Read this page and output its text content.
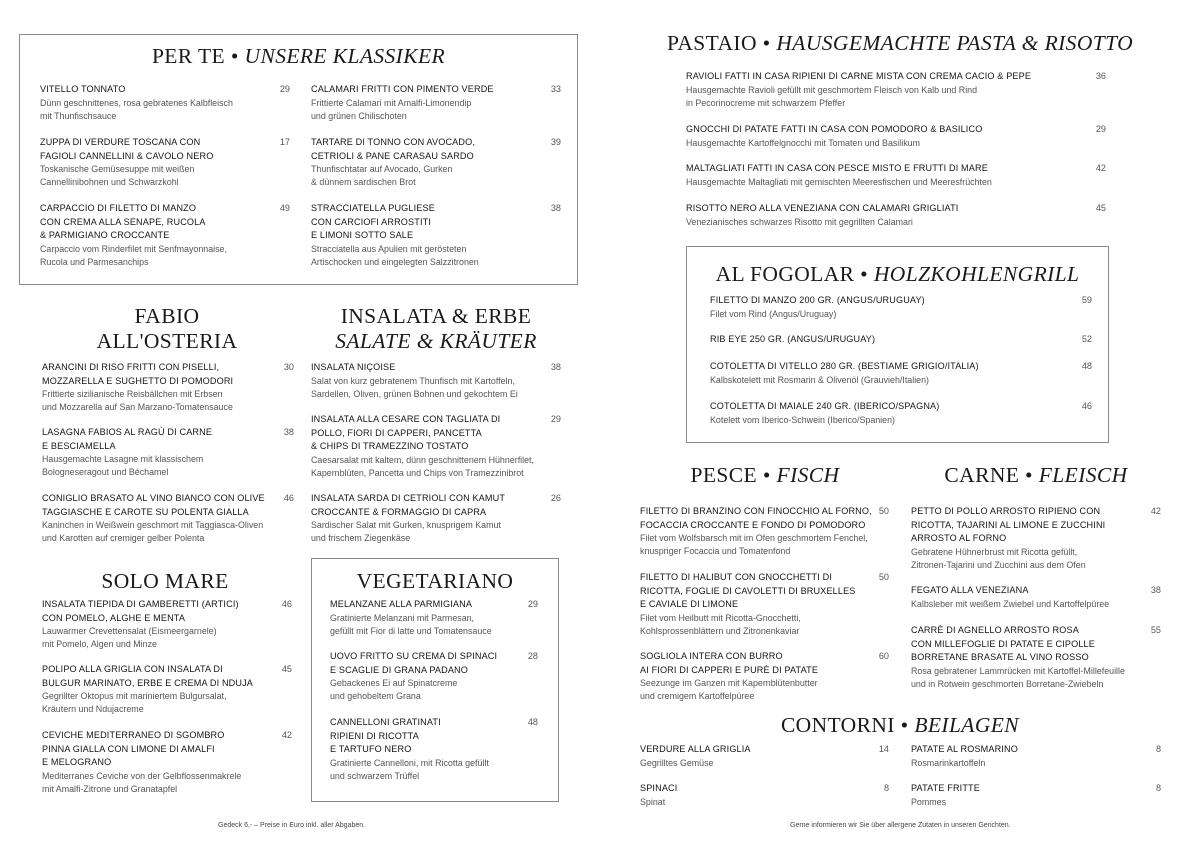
PER TE • UNSERE KLASSIKER
VITELLO TONNATO
Dünn geschnittenes, rosa gebratenes Kalbfleisch
mit Thunfischsauce
29
ZUPPA DI VERDURE TOSCANA CON
FAGIOLI CANNELLINI & CAVOLO NERO
Toskanische Gemüsesuppe mit weißen
Cannellinibohnen und Schwarzkohl
17
CARPACCIO DI FILETTO DI MANZO
CON CREMA ALLA SENAPE, RUCOLA
& PARMIGIANO CROCCANTE
Carpaccio vom Rinderfilet mit Senfmayonnaise,
Rucola und Parmesanchips
49
CALAMARI FRITTI CON PIMENTO VERDE
Frittierte Calamari mit Amalfi-Limonendip
und grünen Chilischoten
33
TARTARE DI TONNO CON AVOCADO,
CETRIOLI & PANE CARASAU SARDO
Thunfischtatar auf Avocado, Gurken
& dünnem sardischen Brot
39
STRACCIATELLA PUGLIESE
CON CARCIOFI ARROSTITI
E LIMONI SOTTO SALE
Stracciatella aus Apulien mit gerösteten
Artischocken und eingelegten Salzzitronen
38
FABIO
ALL'OSTERIA
ARANCINI DI RISO FRITTI CON PISELLI,
MOZZARELLA E SUGHETTO DI POMODORI
Frittierte sizilianische Reisbällchen mit Erbsen
und Mozzarella auf San Marzano-Tomatensauce
30
LASAGNA FABIOS AL RAGÙ DI CARNE
E BESCIAMELLA
Hausgemachte Lasagne mit klassischem
Bologneseragout und Béchamel
38
CONIGLIO BRASATO AL VINO BIANCO CON OLIVE
TAGGIASCHE E CAROTE SU POLENTA GIALLA
Kaninchen in Weißwein geschmort mit Taggiasca-Oliven
und Karotten auf cremiger gelber Polenta
46
INSALATA & ERBE
SALATE & KRÄUTER
INSALATA NIÇOISE
Salat von kurz gebratenem Thunfisch mit Kartoffeln,
Sardellen, Oliven, grünen Bohnen und gekochtem Ei
38
INSALATA ALLA CESARE CON TAGLIATA DI
POLLO, FIORI DI CAPPERI, PANCETTA
& CHIPS DI TRAMEZZINO TOSTATO
Caesarsalat mit kaltem, dünn geschnittenem Hühnerfilet,
Kapernblüten, Pancetta und Chips von Tramezzinibrot
29
INSALATA SARDA DI CETRIOLI CON KAMUT
CROCCANTE & FORMAGGIO DI CAPRA
Sardischer Salat mit Gurken, knusprigem Kamut
und frischem Ziegenkäse
26
SOLO MARE
INSALATA TIEPIDA DI GAMBERETTI (ARTICI)
CON POMELO, ALGHE E MENTA
Lauwarmer Crevettensalat (Eismeergarnele)
mit Pomelo, Algen und Minze
46
POLIPO ALLA GRIGLIA CON INSALATA DI
BULGUR MARINATO, ERBE E CREMA DI NDUJA
Gegrillter Oktopus mit mariniertem Bulgursalat,
Kräutern und Ndujacreme
45
CEVICHE MEDITERRANEO DI SGOMBRO
PINNA GIALLA CON LIMONE DI AMALFI
E MELOGRANO
Mediterranes Ceviche von der Gelbflossenmakrele
mit Amalfi-Zitrone und Granatapfel
42
VEGETARIANO
MELANZANE ALLA PARMIGIANA
Gratinierte Melanzani mit Parmesan,
gefüllt mit Fior di latte und Tomatensauce
29
UOVO FRITTO SU CREMA DI SPINACI
E SCAGLIE DI GRANA PADANO
Gebackenes Ei auf Spinatcreme
und gehobeltem Grana
28
CANNELLONI GRATINATI
RIPIENI DI RICOTTA
E TARTUFO NERO
Gratinierte Cannelloni, mit Ricotta gefüllt
und schwarzem Trüffel
48
Gedeck 6,- – Preise in Euro inkl. aller Abgaben.
PASTAIO • HAUSGEMACHTE PASTA & RISOTTO
RAVIOLI FATTI IN CASA RIPIENI DI CARNE MISTA CON CREMA CACIO & PEPE
Hausgemachte Ravioli gefüllt mit geschmortem Fleisch von Kalb und Rind
in Pecorinocreme mit schwarzem Pfeffer
36
GNOCCHI DI PATATE FATTI IN CASA CON POMODORO & BASILICO
Hausgemachte Kartoffelgnocchi mit Tomaten und Basilikum
29
MALTAGLIATI FATTI IN CASA CON PESCE MISTO E FRUTTI DI MARE
Hausgemachte Maltagliati mit gemischten Meeresfischen und Meeresfrüchten
42
RISOTTO NERO ALLA VENEZIANA CON CALAMARI GRIGLIATI
Venezianisches schwarzes Risotto mit gegrillten Calamari
45
AL FOGOLAR • HOLZKOHLENGRILL
FILETTO DI MANZO 200 GR. (ANGUS/URUGUAY)
Filet vom Rind (Angus/Uruguay)
59
RIB EYE 250 GR. (ANGUS/URUGUAY)	52
COTOLETTA DI VITELLO 280 GR. (BESTIAME GRIGIO/ITALIA)
Kalbskotelett mit Rosmarin & Olivenöl (Grauvieh/Italien)
48
COTOLETTA DI MAIALE 240 GR. (IBERICO/SPAGNA)
Kotelett vom Iberico-Schwein (Iberico/Spanien)
46
PESCE • FISCH
FILETTO DI BRANZINO CON FINOCCHIO AL FORNO,
FOCACCIA CROCCANTE E FONDO DI POMODORO
Filet vom Wolfsbarsch mit im Ofen geschmortem Fenchel,
knuspriger Focaccia und Tomatenfond
50
FILETTO DI HALIBUT CON GNOCCHETTI DI
RICOTTA, FOGLIE DI CAVOLETTI DI BRUXELLES
E CAVIALE DI LIMONE
Filet vom Heilbutt mit Ricotta-Gnocchetti,
Kohlsprossenblättern und Zitronenkaviar
50
SOGLIOLA INTERA CON BURRO
AI FIORI DI CAPPERI E PURÈ DI PATATE
Seezunge im Ganzen mit Kapernblütenbutter
und cremigem Kartoffelpüree
60
CARNE • FLEISCH
PETTO DI POLLO ARROSTO RIPIENO CON
RICOTTA, TAJARINI AL LIMONE E ZUCCHINI
ARROSTO AL FORNO
Gebratene Hühnerbrust mit Ricotta gefüllt,
Zitronen-Tajarini und Zucchini aus dem Ofen
42
FEGATO ALLA VENEZIANA
Kalbsleber mit weißem Zwiebel und Kartoffelpüree
38
CARRÈ DI AGNELLO ARROSTO ROSA
CON MILLEFOGLIE DI PATATE E CIPOLLE
BORRETANE BRASATE AL VINO ROSSO
Rosa gebratener Lammrücken mit Kartoffel-Millefeuille
und in Rotwein geschmorten Borretane-Zwiebeln
55
CONTORNI • BEILAGEN
VERDURE ALLA GRIGLIA
Gegrilltes Gemüse
14
SPINACI
Spinat
8
PATATE AL ROSMARINO
Rosmarinkartoffeln
8
PATATE FRITTE
Pommes
8
Gerne informieren wir Sie über allergene Zutaten in unseren Gerichten.
